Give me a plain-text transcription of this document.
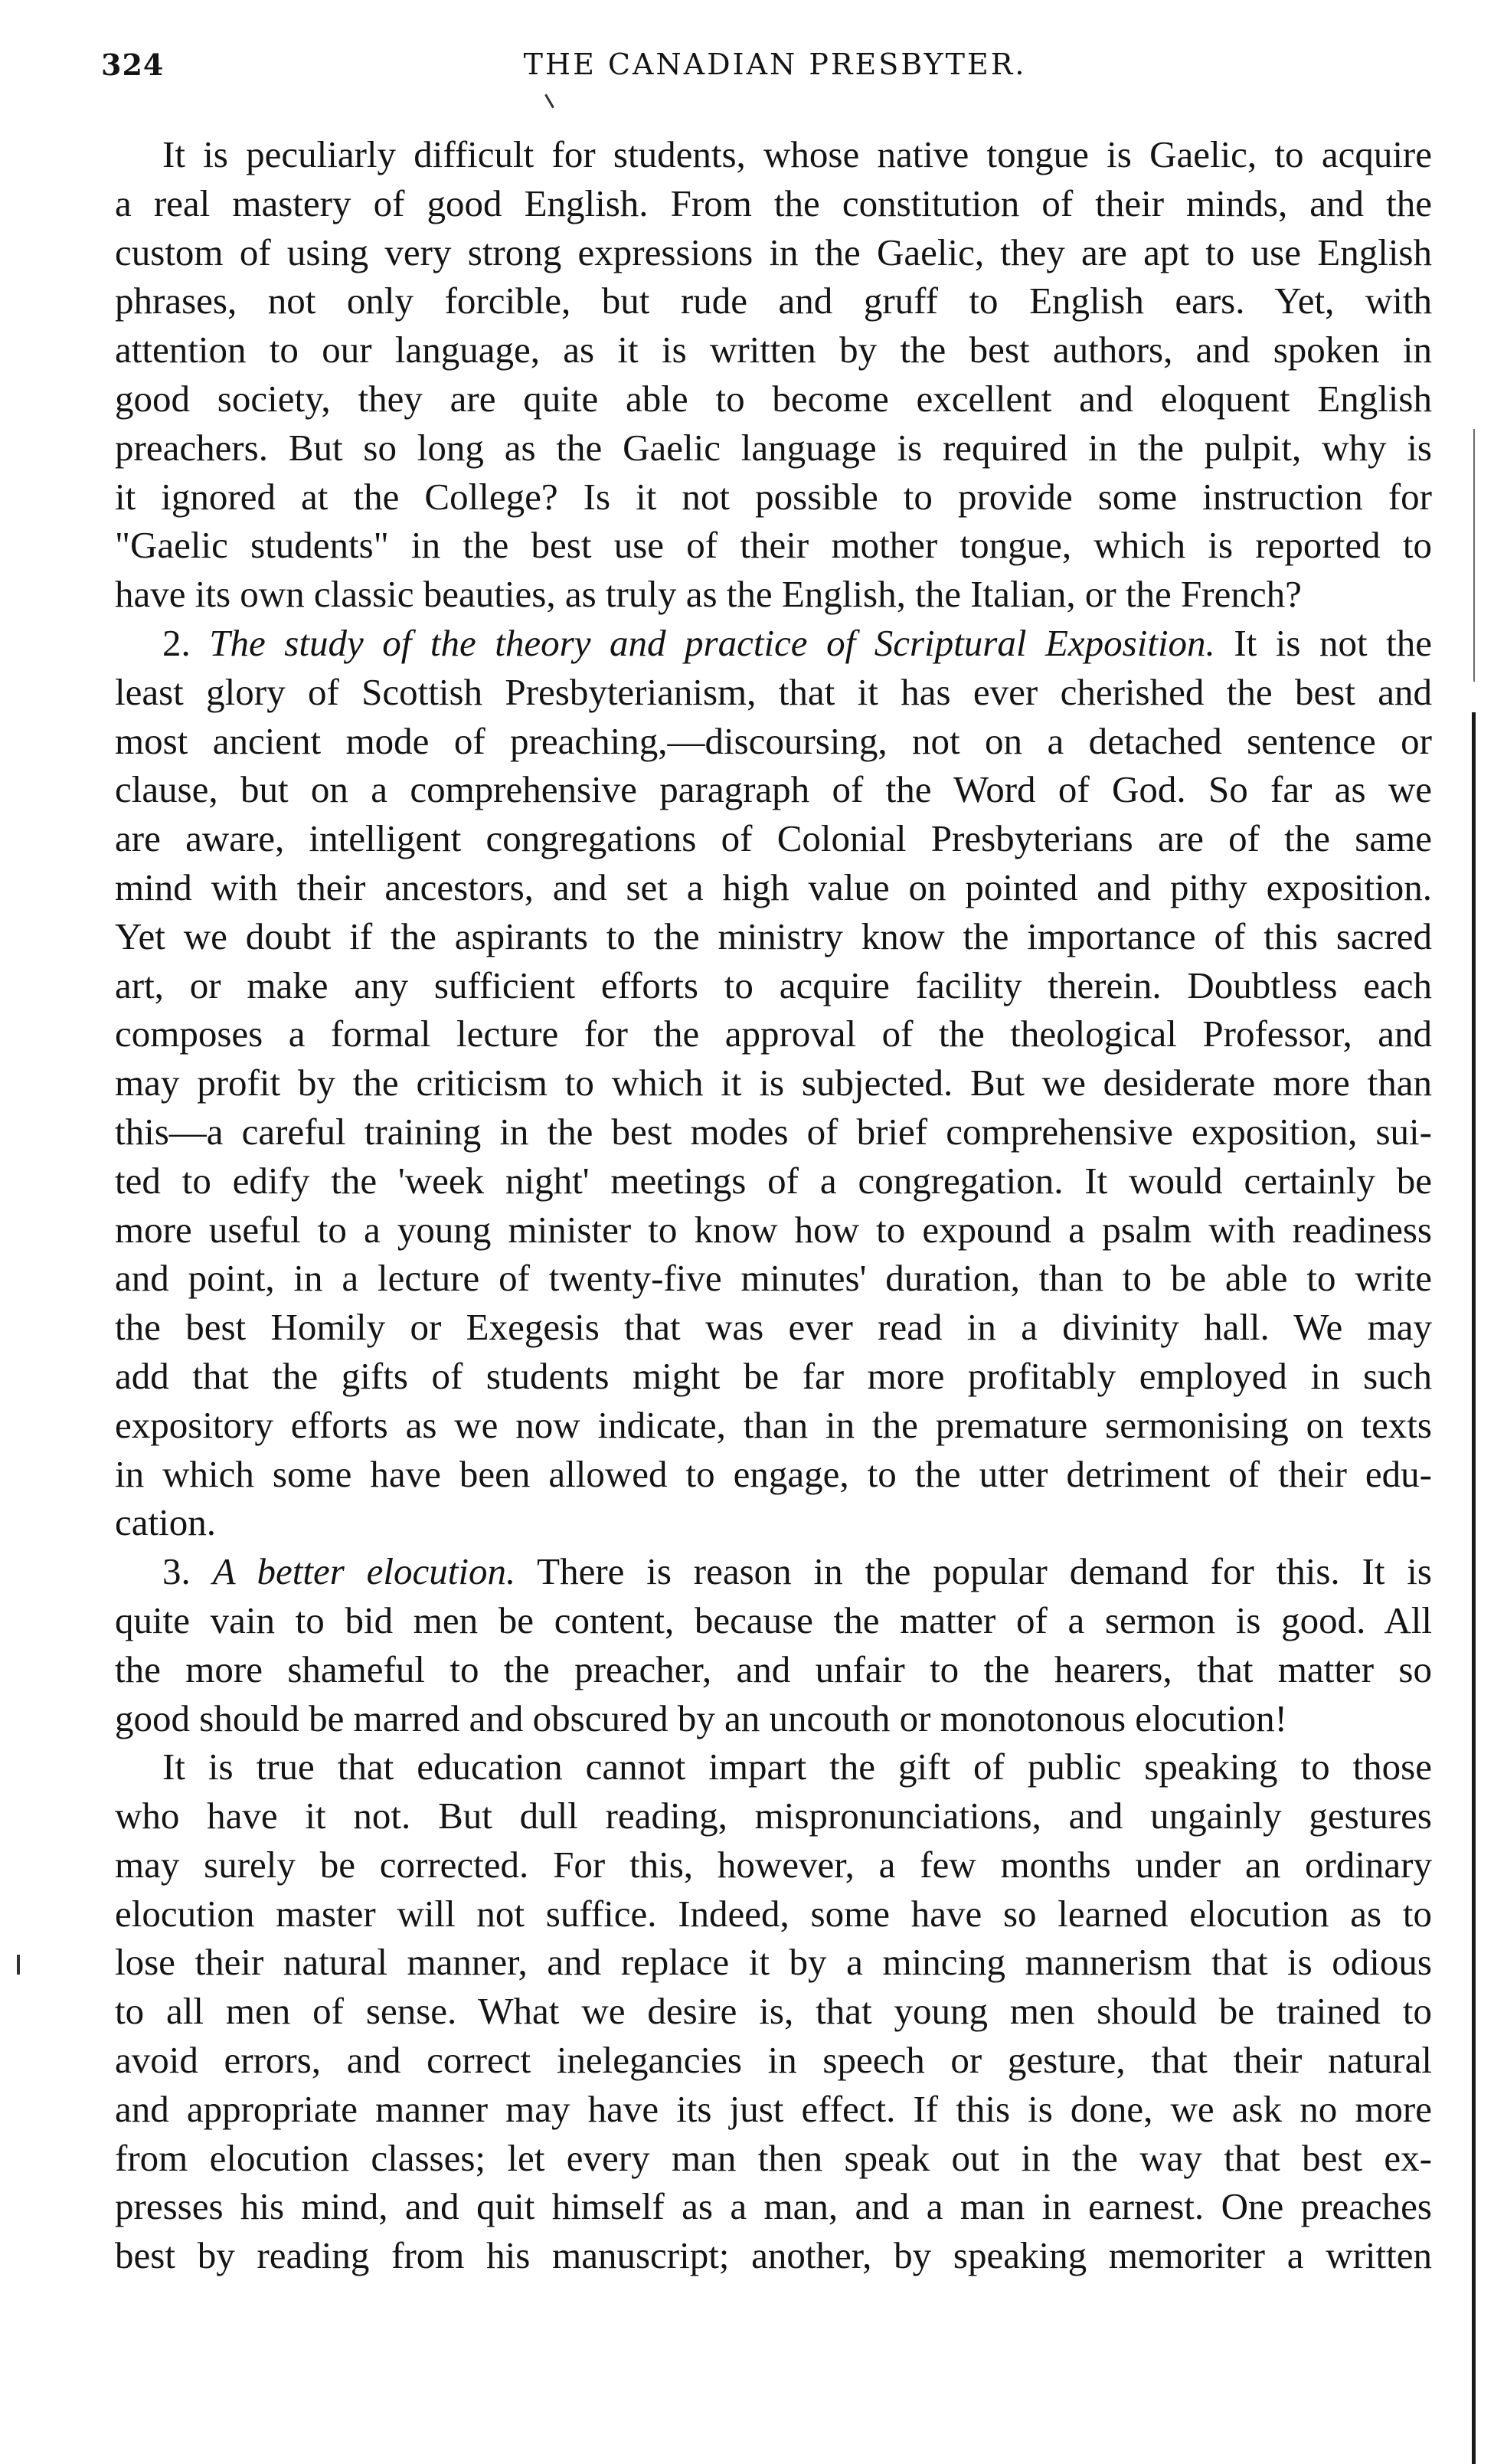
324	THE CANADIAN PRESBYTER.
It is peculiarly difficult for students, whose native tongue is Gaelic, to acquire
a real mastery of good English. From the constitution of their minds, and the
custom of using very strong expressions in the Gaelic, they are apt to use English
phrases, not only forcible, but rude and gruff to English ears. Yet, with
attention to our language, as it is written by the best authors, and spoken in
good society, they are quite able to become excellent and eloquent English
preachers. But so long as the Gaelic language is required in the pulpit, why is
it ignored at the College? Is it not possible to provide some instruction for
"Gaelic students" in the best use of their mother tongue, which is reported to
have its own classic beauties, as truly as the English, the Italian, or the French?
2. The study of the theory and practice of Scriptural Exposition. It is not the
least glory of Scottish Presbyterianism, that it has ever cherished the best and
most ancient mode of preaching,—discoursing, not on a detached sentence or
clause, but on a comprehensive paragraph of the Word of God. So far as we
are aware, intelligent congregations of Colonial Presbyterians are of the same
mind with their ancestors, and set a high value on pointed and pithy exposition.
Yet we doubt if the aspirants to the ministry know the importance of this sacred
art, or make any sufficient efforts to acquire facility therein. Doubtless each
composes a formal lecture for the approval of the theological Professor, and
may profit by the criticism to which it is subjected. But we desiderate more than
this—a careful training in the best modes of brief comprehensive exposition, sui-
ted to edify the 'week night' meetings of a congregation. It would certainly be
more useful to a young minister to know how to expound a psalm with readiness
and point, in a lecture of twenty-five minutes' duration, than to be able to write
the best Homily or Exegesis that was ever read in a divinity hall. We may
add that the gifts of students might be far more profitably employed in such
expository efforts as we now indicate, than in the premature sermonising on texts
in which some have been allowed to engage, to the utter detriment of their edu-
cation.
3. A better elocution. There is reason in the popular demand for this. It is
quite vain to bid men be content, because the matter of a sermon is good. All
the more shameful to the preacher, and unfair to the hearers, that matter so
good should be marred and obscured by an uncouth or monotonous elocution!
It is true that education cannot impart the gift of public speaking to those
who have it not. But dull reading, mispronunciations, and ungainly gestures
may surely be corrected. For this, however, a few months under an ordinary
elocution master will not suffice. Indeed, some have so learned elocution as to
lose their natural manner, and replace it by a mincing mannerism that is odious
to all men of sense. What we desire is, that young men should be trained to
avoid errors, and correct inelegancies in speech or gesture, that their natural
and appropriate manner may have its just effect. If this is done, we ask no more
from elocution classes; let every man then speak out in the way that best ex-
presses his mind, and quit himself as a man, and a man in earnest. One preaches
best by reading from his manuscript; another, by speaking memoriter a written
